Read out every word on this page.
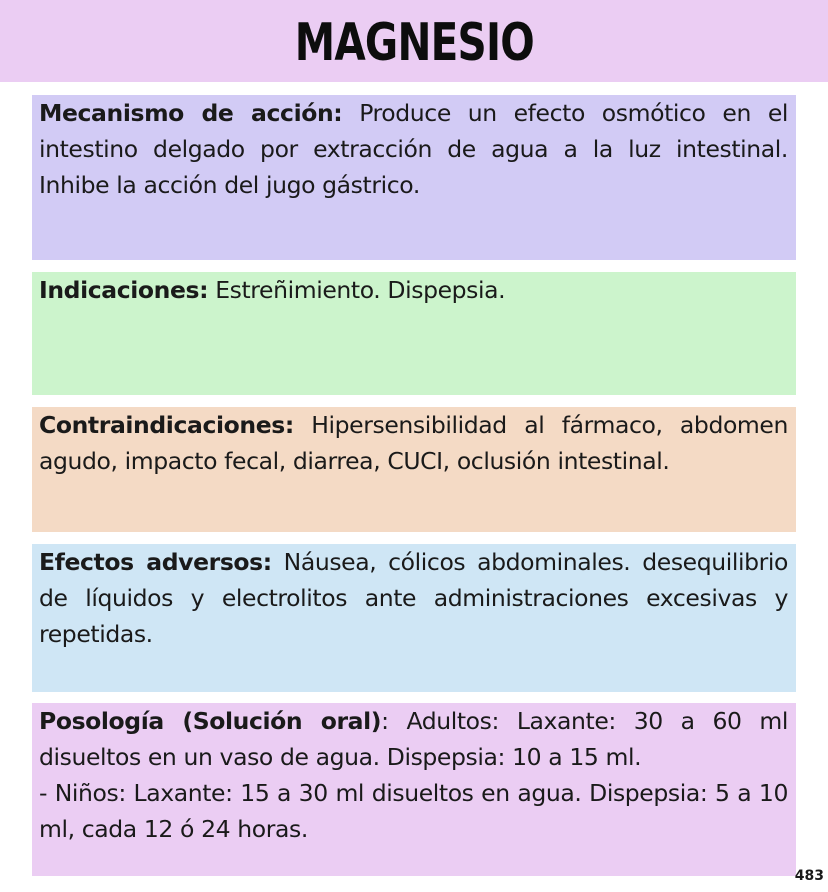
MAGNESIO

Mecanismo de acción: Produce un efecto osmótico en el intestino delgado por extracción de agua a la luz intestinal. Inhibe la acción del jugo gástrico.

Indicaciones: Estreñimiento. Dispepsia.

Contraindicaciones: Hipersensibilidad al fármaco, abdomen agudo, impacto fecal, diarrea, CUCI, oclusión intestinal.

Efectos adversos: Náusea, cólicos abdominales. desequilibrio de líquidos y electrolitos ante administraciones excesivas y repetidas.

Posología (Solución oral): Adultos: Laxante: 30 a 60 ml disueltos en un vaso de agua. Dispepsia: 10 a 15 ml.

- Niños: Laxante: 15 a 30 ml disueltos en agua. Dispepsia: 5 a 10 ml, cada 12 ó 24 horas.

483
